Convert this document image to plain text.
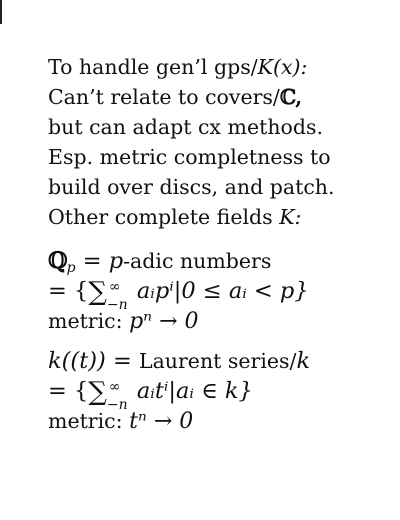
To handle gen’l gps/K(x):
Can’t relate to covers/ℂ,
but can adapt cx methods.
Esp. metric completness to
build over discs, and patch.
Other complete fields K:
ℚ$_p$ = p-adic numbers
= {∑ ∞
−n
aᵢpⁱ|0 ≤ aᵢ < p}
metric: pⁿ → 0
k((t)) = Laurent series/k
= {∑ ∞
−n
aᵢtⁱ|aᵢ ∈ k}
metric: tⁿ → 0
